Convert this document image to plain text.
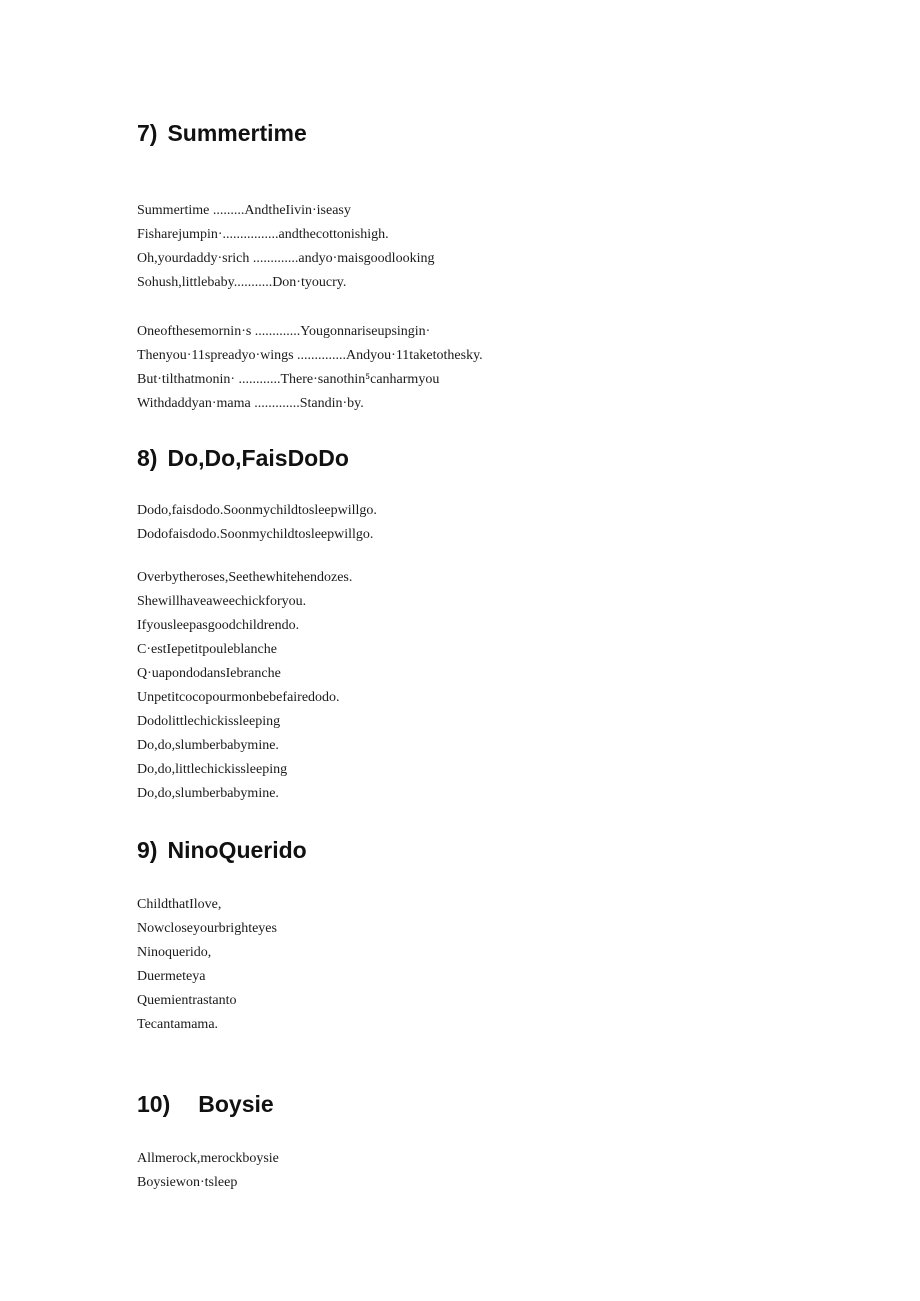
7) Summertime
Summertime .........AndtheIivin·iseasy
Fisharejumpin·................andthecottonishigh.
Oh,yourdaddy·srich .............andyo·maisgoodlooking
Sohush,littlebaby...........Don·tyoucry.
Oneofthesemornin·s .............Yougonnariseupsingin·
Thenyou·11spreadyo·wings ..............Andyou·11taketothesky.
But·tilthatmonin· ............There·sanothin⁵canharmyou
Withdaddyan·mama .............Standin·by.
8) Do,Do,FaisDoDo
Dodo,faisdodo.Soonmychildtosleepwillgo.
Dodofaisdodo.Soonmychildtosleepwillgo.
Overbytheroses,Seethewhitehendozes.
Shewillhaveaweechickforyou.
Ifyousleepasgoodchildrendo.
C·estIepetitpouleblanche
Q·uapondodansIebranche
Unpetitcocopourmonbebefairedodo.
Dodolittlechickissleeping
Do,do,slumberbabymine.
Do,do,littlechickissleeping
Do,do,slumberbabymine.
9) NinoQuerido
ChildthatIlove,
Nowcloseyourbrighteyes
Ninoquerido,
Duermeteya
Quemientrastanto
Tecantamama.
10) Boysie
Allmerock,merockboysie
Boysiewon·tsleep
